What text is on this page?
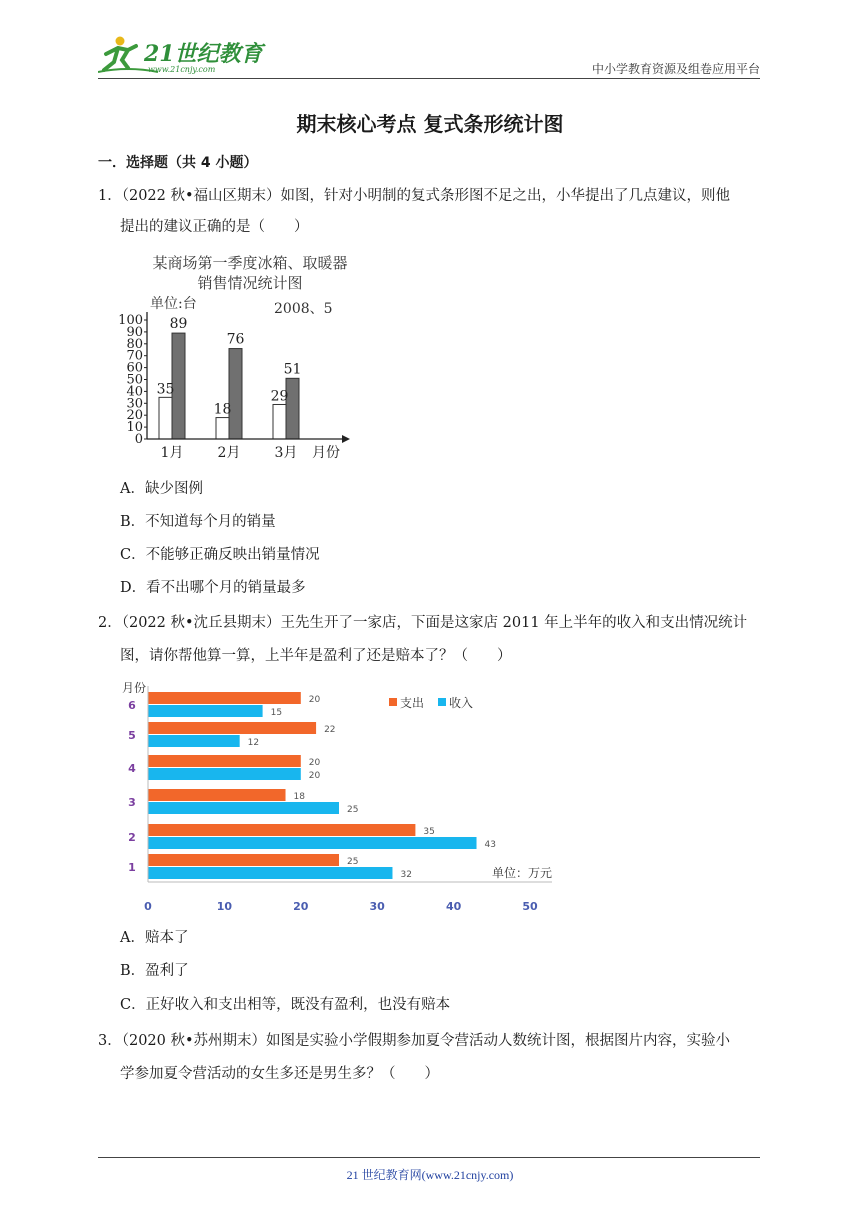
21世纪教育
www.21cnjy.com	中小学教育资源及组卷应用平台
期末核心考点 复式条形统计图
一．选择题（共 4 小题）
1．（2022 秋•福山区期末）如图，针对小明制的复式条形图不足之出，小华提出了几点建议，则他
提出的建议正确的是（　　）
某商场第一季度冰箱、取暖器
销售情况统计图
单位:台	2008、5
0
10
20
30
40
50
60
70
80
90
100
35
89
1月
18
76
2月
29
51
3月 月份
A．缺少图例
B．不知道每个月的销量
C．不能够正确反映出销量情况
D．看不出哪个月的销量最多
2．（2022 秋•沈丘县期末）王先生开了一家店，下面是这家店 2011 年上半年的收入和支出情况统计
图，请你帮他算一算，上半年是盈利了还是赔本了？（　　）
月份
支出 收入
单位：万元
25
32
35
43
18
25
20
20
22
12
20
15
1
2
3
4
5
6
0	10	20	30	40	50
A．赔本了
B．盈利了
C．正好收入和支出相等，既没有盈利，也没有赔本
3．（2020 秋•苏州期末）如图是实验小学假期参加夏令营活动人数统计图，根据图片内容，实验小
学参加夏令营活动的女生多还是男生多？（　　）
21 世纪教育网(www.21cnjy.com)
